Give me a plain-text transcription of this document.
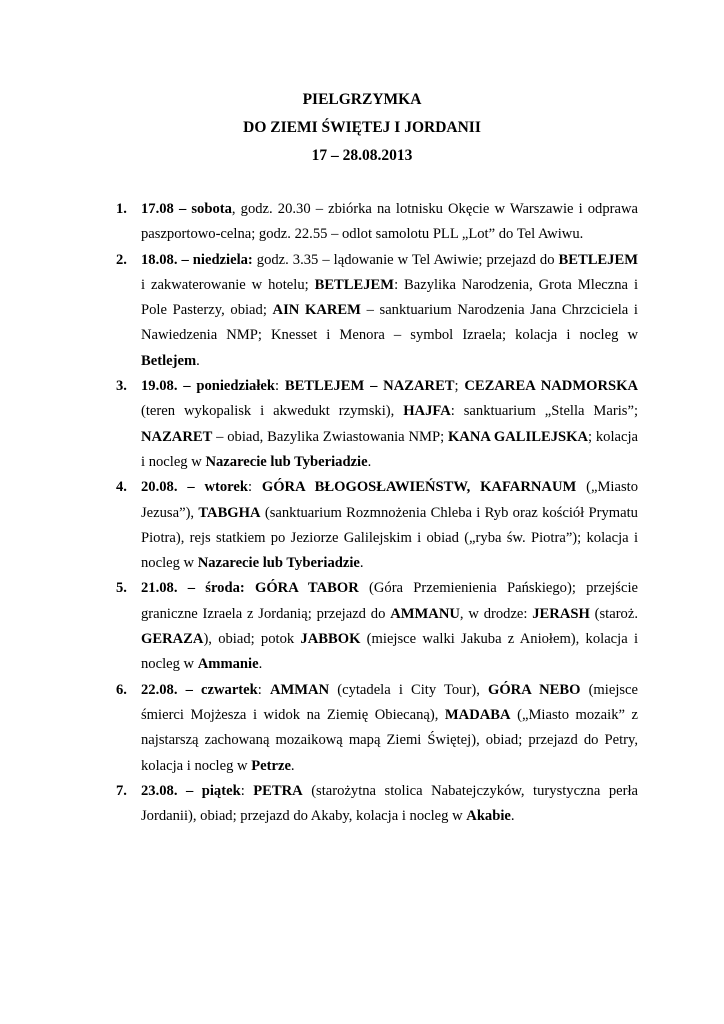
PIELGRZYMKA
DO ZIEMI ŚWIĘTEJ I JORDANII
17 – 28.08.2013
1. 17.08 – sobota, godz. 20.30 – zbiórka na lotnisku Okęcie w Warszawie i odprawa paszportowo-celna; godz. 22.55 – odlot samolotu PLL „Lot” do Tel Awiwu.
2. 18.08. – niedziela: godz. 3.35 – lądowanie w Tel Awiwie; przejazd do BETLEJEM i zakwaterowanie w hotelu; BETLEJEM: Bazylika Narodzenia, Grota Mleczna i Pole Pasterzy, obiad; AIN KAREM – sanktuarium Narodzenia Jana Chrzciciela i Nawiedzenia NMP; Knesset i Menora – symbol Izraela; kolacja i nocleg w Betlejem.
3. 19.08. – poniedziałek: BETLEJEM – NAZARET; CEZAREA NADMORSKA (teren wykopalisk i akwedukt rzymski), HAJFA: sanktuarium „Stella Maris”; NAZARET – obiad, Bazylika Zwiastowania NMP; KANA GALILEJSKA; kolacja i nocleg w Nazarecie lub Tyberiadzie.
4. 20.08. – wtorek: GÓRA BŁOGOSŁAWIEŃSTW, KAFARNAUM („Miasto Jezusa”), TABGHA (sanktuarium Rozmnożenia Chleba i Ryb oraz kościół Prymatu Piotra), rejs statkiem po Jeziorze Galilejskim i obiad („ryba św. Piotra”); kolacja i nocleg w Nazarecie lub Tyberiadzie.
5. 21.08. – środa: GÓRA TABOR (Góra Przemienienia Pańskiego); przejście graniczne Izraela z Jordanią; przejazd do AMMANU, w drodze: JERASH (staroż. GERAZA), obiad; potok JABBOK (miejsce walki Jakuba z Aniołem), kolacja i nocleg w Ammanie.
6. 22.08. – czwartek: AMMAN (cytadela i City Tour), GÓRA NEBO (miejsce śmierci Mojżesza i widok na Ziemię Obiecaną), MADABA („Miasto mozaik” z najstarszą zachowaną mozaikową mapą Ziemi Świętej), obiad; przejazd do Petry, kolacja i nocleg w Petrze.
7. 23.08. – piątek: PETRA (starożytna stolica Nabatejczyków, turystyczna perła Jordanii), obiad; przejazd do Akaby, kolacja i nocleg w Akabie.
